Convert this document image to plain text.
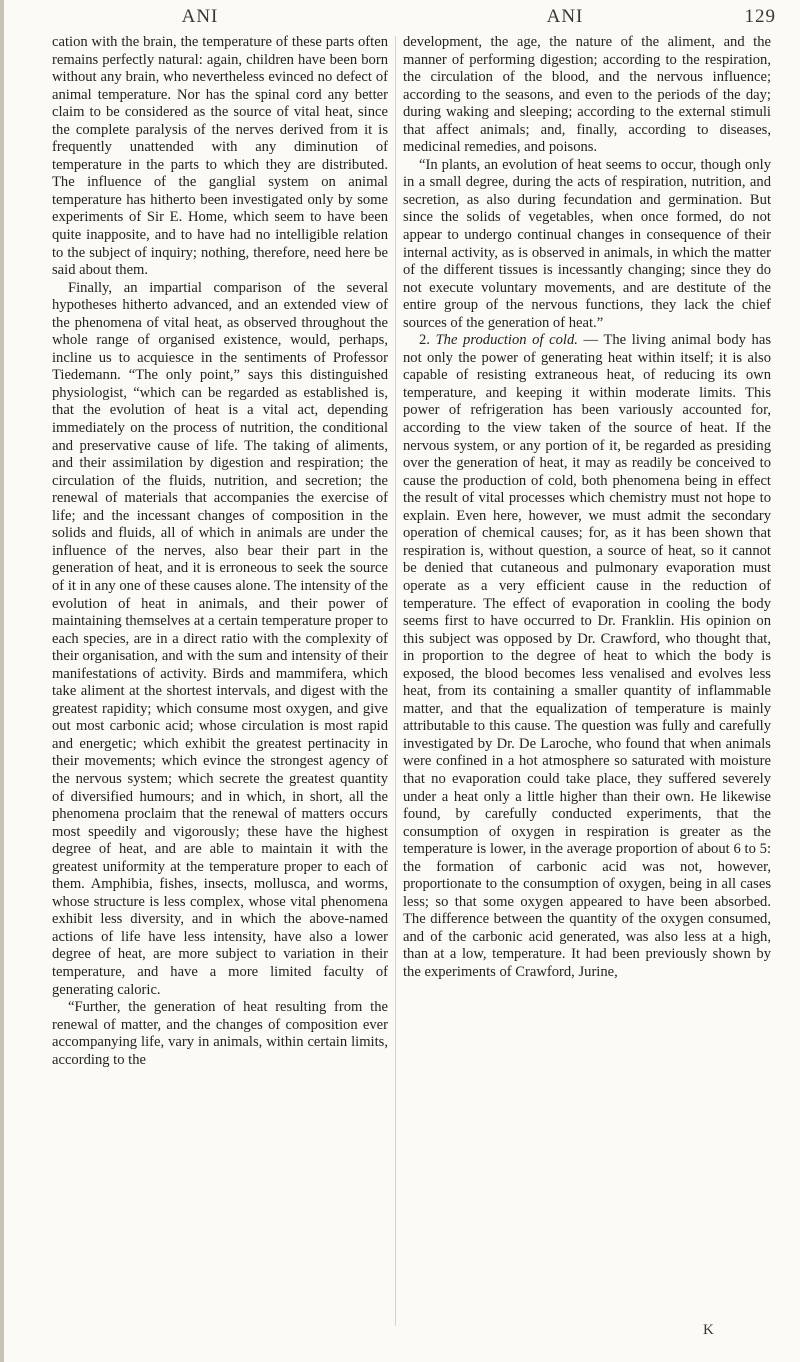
ANI	ANI	129

cation with the brain, the temperature of these parts often remains perfectly natural: again, children have been born without any brain, who nevertheless evinced no defect of animal temperature. Nor has the spinal cord any better claim to be considered as the source of vital heat, since the complete paralysis of the nerves derived from it is frequently unattended with any diminution of temperature in the parts to which they are distributed. The influence of the ganglial system on animal temperature has hitherto been investigated only by some experiments of Sir E. Home, which seem to have been quite inapposite, and to have had no intelligible relation to the subject of inquiry; nothing, therefore, need here be said about them.

Finally, an impartial comparison of the several hypotheses hitherto advanced, and an extended view of the phenomena of vital heat, as observed throughout the whole range of organised existence, would, perhaps, incline us to acquiesce in the sentiments of Professor Tiedemann. “The only point,” says this distinguished physiologist, “which can be regarded as established is, that the evolution of heat is a vital act, depending immediately on the process of nutrition, the conditional and preservative cause of life. The taking of aliments, and their assimilation by digestion and respiration; the circulation of the fluids, nutrition, and secretion; the renewal of materials that accompanies the exercise of life; and the incessant changes of composition in the solids and fluids, all of which in animals are under the influence of the nerves, also bear their part in the generation of heat, and it is erroneous to seek the source of it in any one of these causes alone. The intensity of the evolution of heat in animals, and their power of maintaining themselves at a certain temperature proper to each species, are in a direct ratio with the complexity of their organisation, and with the sum and intensity of their manifestations of activity. Birds and mammifera, which take aliment at the shortest intervals, and digest with the greatest rapidity; which consume most oxygen, and give out most carbonic acid; whose circulation is most rapid and energetic; which exhibit the greatest pertinacity in their movements; which evince the strongest agency of the nervous system; which secrete the greatest quantity of diversified humours; and in which, in short, all the phenomena proclaim that the renewal of matters occurs most speedily and vigorously; these have the highest degree of heat, and are able to maintain it with the greatest uniformity at the temperature proper to each of them. Amphibia, fishes, insects, mollusca, and worms, whose structure is less complex, whose vital phenomena exhibit less diversity, and in which the above-named actions of life have less intensity, have also a lower degree of heat, are more subject to variation in their temperature, and have a more limited faculty of generating caloric.

“Further, the generation of heat resulting from the renewal of matter, and the changes of composition ever accompanying life, vary in animals, within certain limits, according to the

development, the age, the nature of the aliment, and the manner of performing digestion; according to the respiration, the circulation of the blood, and the nervous influence; according to the seasons, and even to the periods of the day; during waking and sleeping; according to the external stimuli that affect animals; and, finally, according to diseases, medicinal remedies, and poisons.

“In plants, an evolution of heat seems to occur, though only in a small degree, during the acts of respiration, nutrition, and secretion, as also during fecundation and germination. But since the solids of vegetables, when once formed, do not appear to undergo continual changes in consequence of their internal activity, as is observed in animals, in which the matter of the different tissues is incessantly changing; since they do not execute voluntary movements, and are destitute of the entire group of the nervous functions, they lack the chief sources of the generation of heat.”

2. The production of cold. — The living animal body has not only the power of generating heat within itself; it is also capable of resisting extraneous heat, of reducing its own temperature, and keeping it within moderate limits. This power of refrigeration has been variously accounted for, according to the view taken of the source of heat. If the nervous system, or any portion of it, be regarded as presiding over the generation of heat, it may as readily be conceived to cause the production of cold, both phenomena being in effect the result of vital processes which chemistry must not hope to explain. Even here, however, we must admit the secondary operation of chemical causes; for, as it has been shown that respiration is, without question, a source of heat, so it cannot be denied that cutaneous and pulmonary evaporation must operate as a very efficient cause in the reduction of temperature. The effect of evaporation in cooling the body seems first to have occurred to Dr. Franklin. His opinion on this subject was opposed by Dr. Crawford, who thought that, in proportion to the degree of heat to which the body is exposed, the blood becomes less venalised and evolves less heat, from its containing a smaller quantity of inflammable matter, and that the equalization of temperature is mainly attributable to this cause. The question was fully and carefully investigated by Dr. De Laroche, who found that when animals were confined in a hot atmosphere so saturated with moisture that no evaporation could take place, they suffered severely under a heat only a little higher than their own. He likewise found, by carefully conducted experiments, that the consumption of oxygen in respiration is greater as the temperature is lower, in the average proportion of about 6 to 5: the formation of carbonic acid was not, however, proportionate to the consumption of oxygen, being in all cases less; so that some oxygen appeared to have been absorbed. The difference between the quantity of the oxygen consumed, and of the carbonic acid generated, was also less at a high, than at a low, temperature. It had been previously shown by the experiments of Crawford, Jurine,

K
